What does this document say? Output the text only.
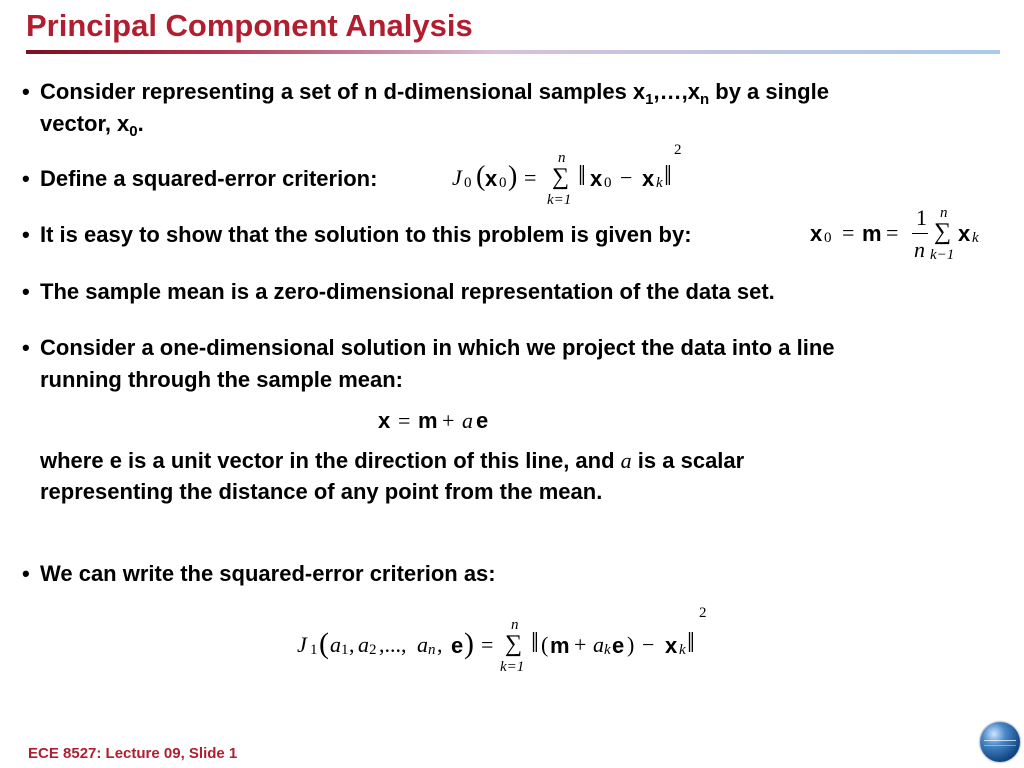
Principal Component Analysis
• Consider representing a set of n d-dimensional samples $x_1,\dots,x_n$ by a single
vector, $x_0$.
• Define a squared-error criterion:	J 0 ( x 0 ) =
n
∑
k=1
‖ x 0 − x k ‖
2
• It is easy to show that the solution to this problem is given by:	x 0 = m =
1
n
n
∑
k−1
x k
• The sample mean is a zero-dimensional representation of the data set.
• Consider a one-dimensional solution in which we project the data into a line
running through the sample mean:
x = m + a e
where e is a unit vector in the direction of this line, and a is a scalar
representing the distance of any point from the mean.
• We can write the squared-error criterion as:
J 1 ( a 1 , a 2 ,..., a n , e ) =
n
∑
k=1
‖ ( m + a k e ) − x k ‖
2
ECE 8527: Lecture 09, Slide 1
